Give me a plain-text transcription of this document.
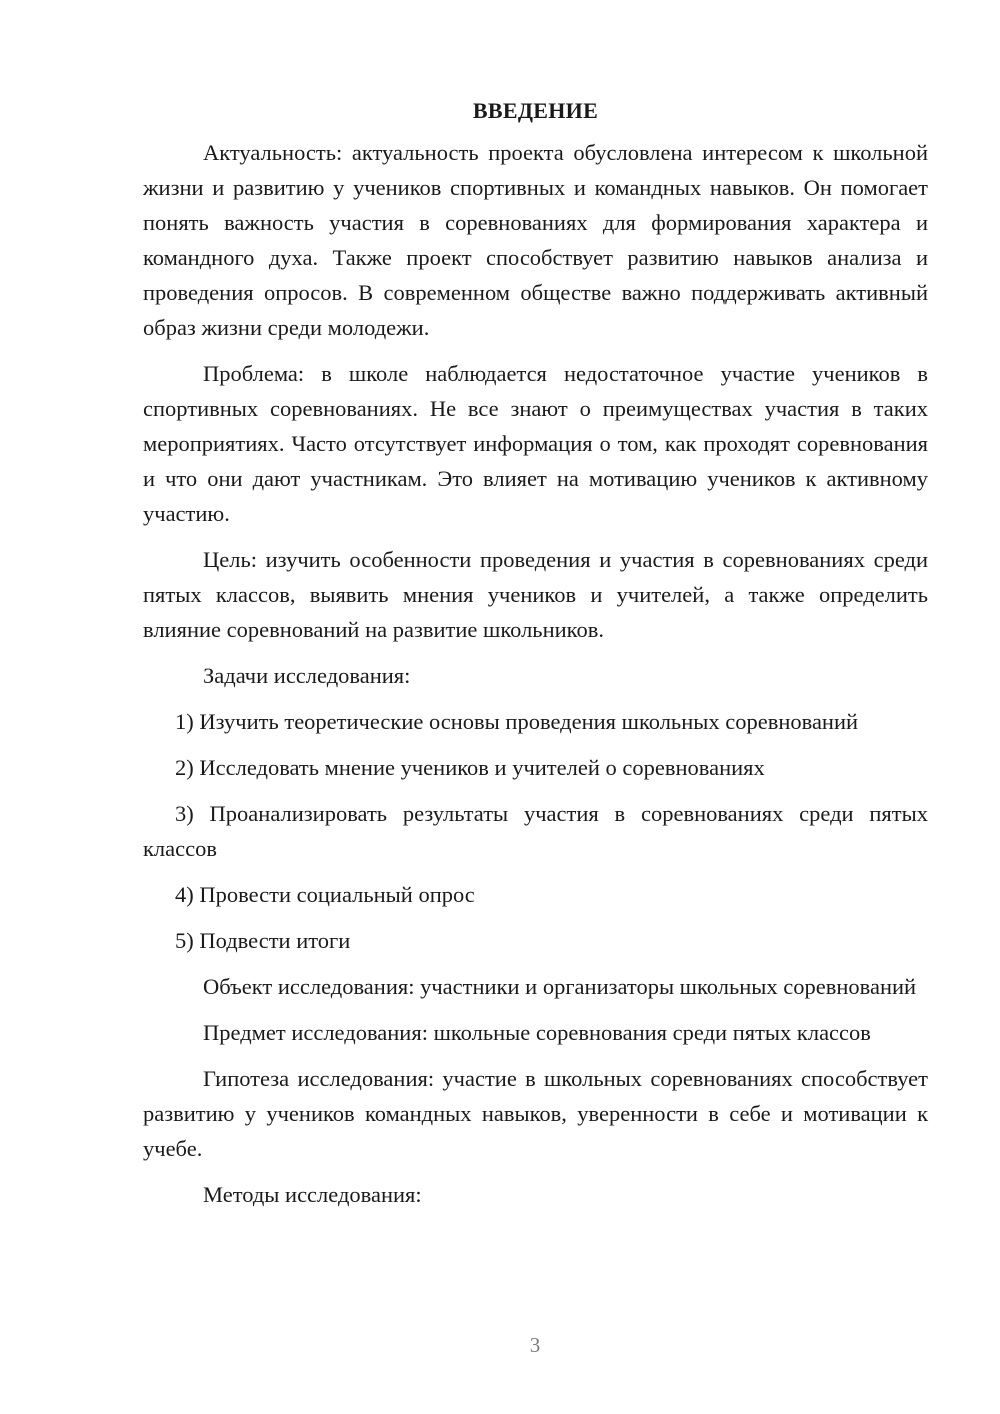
ВВЕДЕНИЕ

Актуальность: актуальность проекта обусловлена интересом к школьной жизни и развитию у учеников спортивных и командных навыков. Он помогает понять важность участия в соревнованиях для формирования характера и командного духа. Также проект способствует развитию навыков анализа и проведения опросов. В современном обществе важно поддерживать активный образ жизни среди молодежи.

Проблема: в школе наблюдается недостаточное участие учеников в спортивных соревнованиях. Не все знают о преимуществах участия в таких мероприятиях. Часто отсутствует информация о том, как проходят соревнования и что они дают участникам. Это влияет на мотивацию учеников к активному участию.

Цель: изучить особенности проведения и участия в соревнованиях среди пятых классов, выявить мнения учеников и учителей, а также определить влияние соревнований на развитие школьников.

Задачи исследования:

1) Изучить теоретические основы проведения школьных соревнований

2) Исследовать мнение учеников и учителей о соревнованиях

3) Проанализировать результаты участия в соревнованиях среди пятых классов

4) Провести социальный опрос

5) Подвести итоги

Объект исследования: участники и организаторы школьных соревнований

Предмет исследования: школьные соревнования среди пятых классов

Гипотеза исследования: участие в школьных соревнованиях способствует развитию у учеников командных навыков, уверенности в себе и мотивации к учебе.

Методы исследования:

3
